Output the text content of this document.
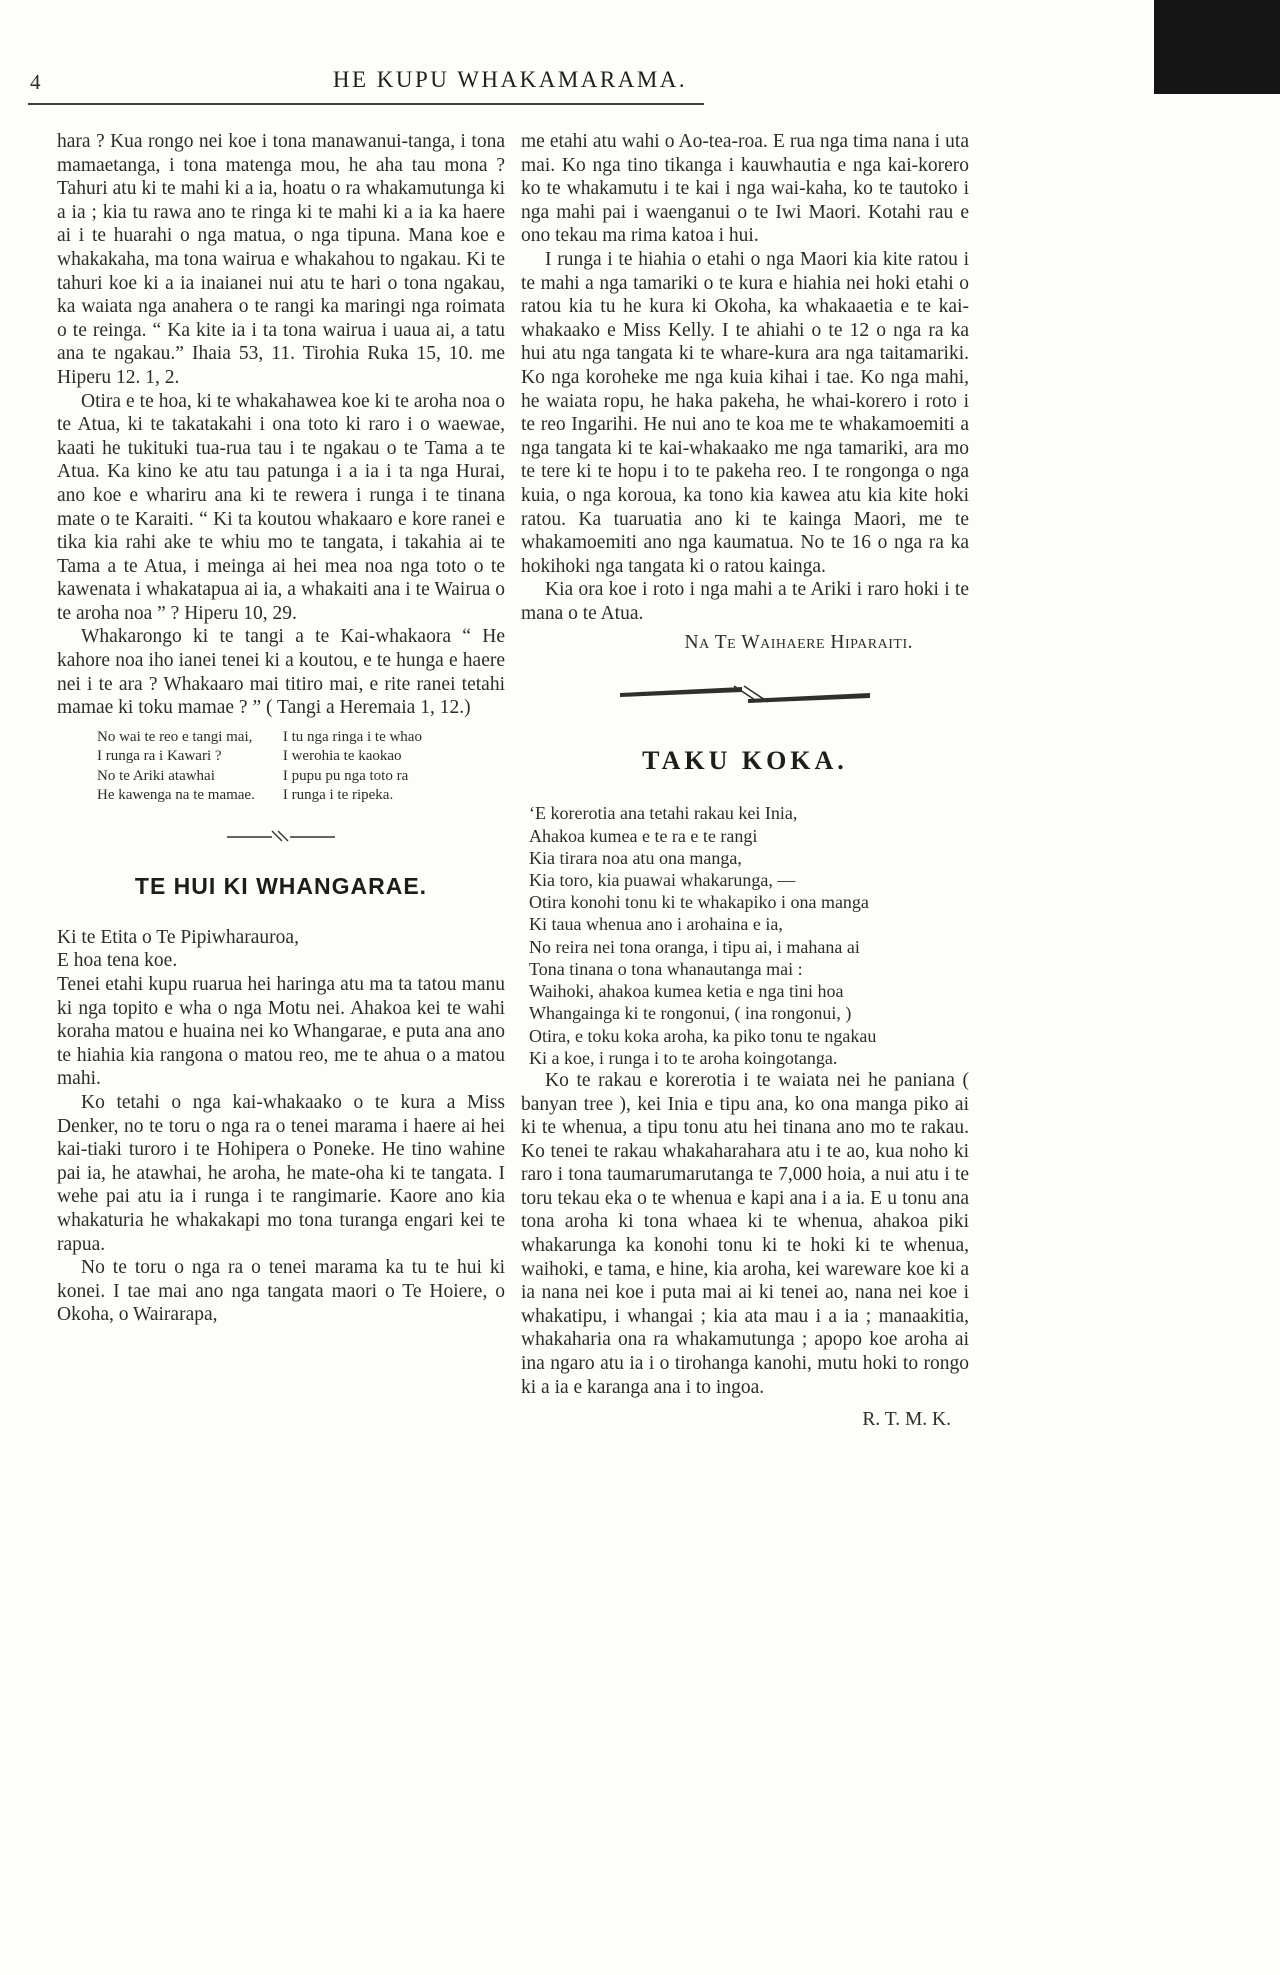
4	HE KUPU WHAKAMARAMA.

hara ? Kua rongo nei koe i tona manawanui-tanga, i tona mamaetanga, i tona matenga mou, he aha tau mona ? Tahuri atu ki te mahi ki a ia, hoatu o ra whakamutunga ki a ia ; kia tu rawa ano te ringa ki te mahi ki a ia ka haere ai i te huarahi o nga matua, o nga tipuna. Mana koe e whakakaha, ma tona wairua e whakahou to ngakau. Ki te tahuri koe ki a ia inaianei nui atu te hari o tona ngakau, ka waiata nga anahera o te rangi ka maringi nga roimata o te reinga. “ Ka kite ia i ta tona wairua i uaua ai, a tatu ana te ngakau.” Ihaia 53, 11. Tirohia Ruka 15, 10. me Hiperu 12. 1, 2.

Otira e te hoa, ki te whakahawea koe ki te aroha noa o te Atua, ki te takatakahi i ona toto ki raro i o waewae, kaati he tukituki tua-rua tau i te ngakau o te Tama a te Atua. Ka kino ke atu tau patunga i a ia i ta nga Hurai, ano koe e whariru ana ki te rewera i runga i te tinana mate o te Karaiti. “ Ki ta koutou whakaaro e kore ranei e tika kia rahi ake te whiu mo te tangata, i takahia ai te Tama a te Atua, i meinga ai hei mea noa nga toto o te kawenata i whakatapua ai ia, a whakaiti ana i te Wairua o te aroha noa ” ? Hiperu 10, 29.

Whakarongo ki te tangi a te Kai-whakaora “ He kahore noa iho ianei tenei ki a koutou, e te hunga e haere nei i te ara ? Whakaaro mai titiro mai, e rite ranei tetahi mamae ki toku mamae ? ” ( Tangi a Heremaia 1, 12.)

No wai te reo e tangi mai,
I runga ra i Kawari ?
No te Ariki atawhai
He kawenga na te mamae.
I tu nga ringa i te whao
I werohia te kaokao
I pupu pu nga toto ra
I runga i te ripeka.
TE HUI KI WHANGARAE.

Ki te Etita o Te Pipiwharauroa,

E hoa tena koe.

Tenei etahi kupu ruarua hei haringa atu ma ta tatou manu ki nga topito e wha o nga Motu nei. Ahakoa kei te wahi koraha matou e huaina nei ko Whangarae, e puta ana ano te hiahia kia rangona o matou reo, me te ahua o a matou mahi.

Ko tetahi o nga kai-whakaako o te kura a Miss Denker, no te toru o nga ra o tenei marama i haere ai hei kai-tiaki turoro i te Hohipera o Poneke. He tino wahine pai ia, he atawhai, he aroha, he mate-oha ki te tangata. I wehe pai atu ia i runga i te rangimarie. Kaore ano kia whakaturia he whakakapi mo tona turanga engari kei te rapua.

No te toru o nga ra o tenei marama ka tu te hui ki konei. I tae mai ano nga tangata maori o Te Hoiere, o Okoha, o Wairarapa,

me etahi atu wahi o Ao-tea-roa. E rua nga tima nana i uta mai. Ko nga tino tikanga i kauwhautia e nga kai-korero ko te whakamutu i te kai i nga wai-kaha, ko te tautoko i nga mahi pai i waenganui o te Iwi Maori. Kotahi rau e ono tekau ma rima katoa i hui.

I runga i te hiahia o etahi o nga Maori kia kite ratou i te mahi a nga tamariki o te kura e hiahia nei hoki etahi o ratou kia tu he kura ki Okoha, ka whakaaetia e te kai-whakaako e Miss Kelly. I te ahiahi o te 12 o nga ra ka hui atu nga tangata ki te whare-kura ara nga taitamariki. Ko nga koroheke me nga kuia kihai i tae. Ko nga mahi, he waiata ropu, he haka pakeha, he whai-korero i roto i te reo Ingarihi. He nui ano te koa me te whakamoemiti a nga tangata ki te kai-whakaako me nga tamariki, ara mo te tere ki te hopu i to te pakeha reo. I te rongonga o nga kuia, o nga koroua, ka tono kia kawea atu kia kite hoki ratou. Ka tuaruatia ano ki te kainga Maori, me te whakamoemiti ano nga kaumatua. No te 16 o nga ra ka hokihoki nga tangata ki o ratou kainga.

Kia ora koe i roto i nga mahi a te Ariki i raro hoki i te mana o te Atua.

Na Te Waihaere Hiparaiti.

TAKU KOKA.
‘E korerotia ana tetahi rakau kei Inia,
Ahakoa kumea e te ra e te rangi
Kia tirara noa atu ona manga,
Kia toro, kia puawai whakarunga, —
Otira konohi tonu ki te whakapiko i ona manga
Ki taua whenua ano i arohaina e ia,
No reira nei tona oranga, i tipu ai, i mahana ai
Tona tinana o tona whanautanga mai :
Waihoki, ahakoa kumea ketia e nga tini hoa
Whangainga ki te rongonui, ( ina rongonui, )
Otira, e toku koka aroha, ka piko tonu te ngakau
Ki a koe, i runga i to te aroha koingotanga.

Ko te rakau e korerotia i te waiata nei he paniana ( banyan tree ), kei Inia e tipu ana, ko ona manga piko ai ki te whenua, a tipu tonu atu hei tinana ano mo te rakau. Ko tenei te rakau whakaharahara atu i te ao, kua noho ki raro i tona taumarumarutanga te 7,000 hoia, a nui atu i te toru tekau eka o te whenua e kapi ana i a ia. E u tonu ana tona aroha ki tona whaea ki te whenua, ahakoa piki whakarunga ka konohi tonu ki te hoki ki te whenua, waihoki, e tama, e hine, kia aroha, kei wareware koe ki a ia nana nei koe i puta mai ai ki tenei ao, nana nei koe i whakatipu, i whangai ; kia ata mau i a ia ; manaakitia, whakaharia ona ra whakamutunga ; apopo koe aroha ai ina ngaro atu ia i o tirohanga kanohi, mutu hoki to rongo ki a ia e karanga ana i to ingoa.

R. T. M. K.
